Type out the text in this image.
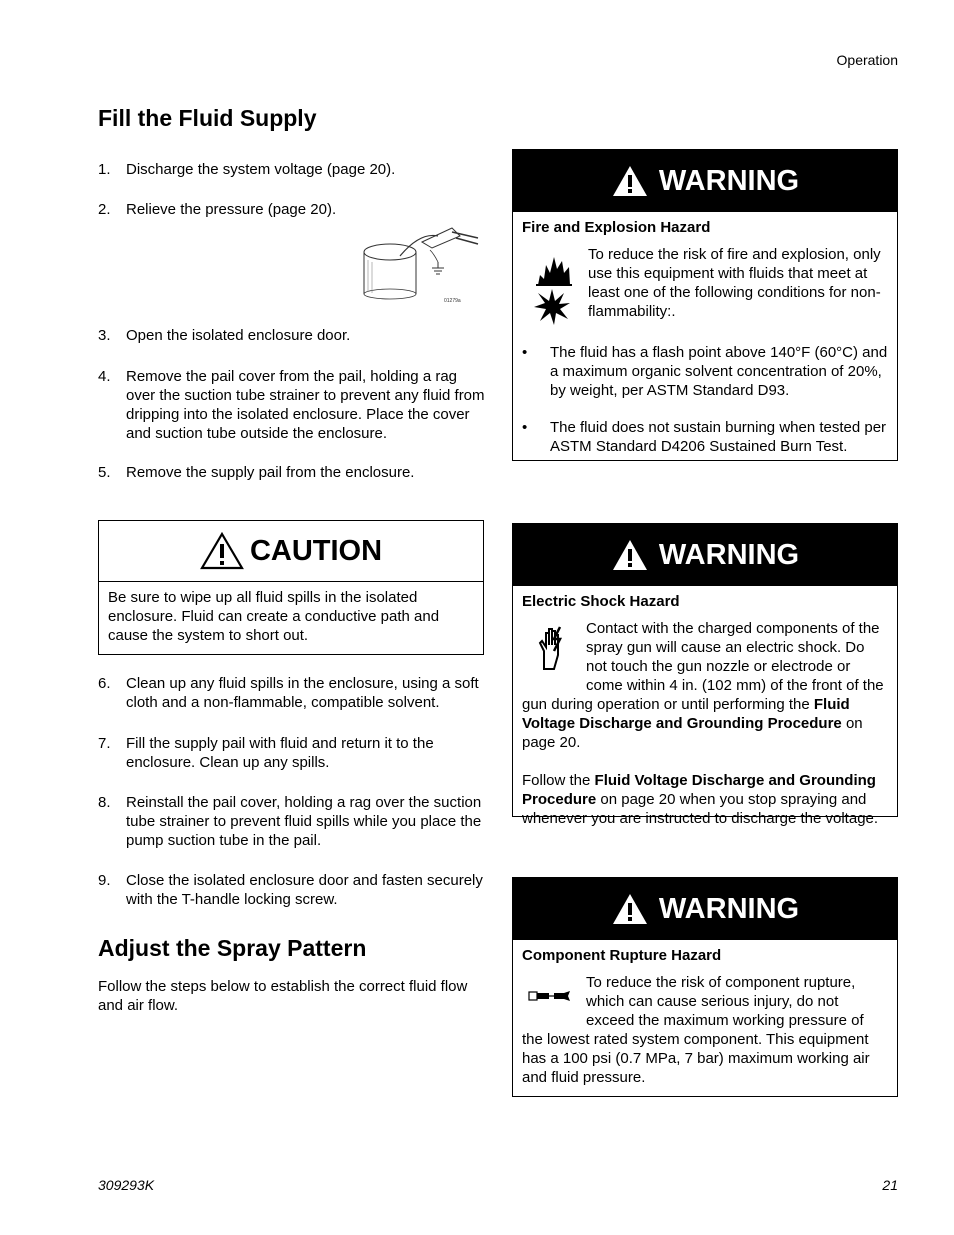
Operation
Fill the Fluid Supply
1. Discharge the system voltage (page 20).
2. Relieve the pressure (page 20).
01279a
3. Open the isolated enclosure door.
4. Remove the pail cover from the pail, holding a rag over the suction tube strainer to prevent any fluid from dripping into the isolated enclosure. Place the cover and suction tube outside the enclosure.
5. Remove the supply pail from the enclosure.
CAUTION
Be sure to wipe up all fluid spills in the isolated enclosure. Fluid can create a conductive path and cause the system to short out.
6. Clean up any fluid spills in the enclosure, using a soft cloth and a non-flammable, compatible solvent.
7. Fill the supply pail with fluid and return it to the enclosure. Clean up any spills.
8. Reinstall the pail cover, holding a rag over the suction tube strainer to prevent fluid spills while you place the pump suction tube in the pail.
9. Close the isolated enclosure door and fasten securely with the T-handle locking screw.
Adjust the Spray Pattern
Follow the steps below to establish the correct fluid flow and air flow.
WARNING
Fire and Explosion Hazard
To reduce the risk of fire and explosion, only use this equipment with fluids that meet at least one of the following conditions for non-flammability:.
• The fluid has a flash point above 140°F (60°C) and a maximum organic solvent concentration of 20%, by weight, per ASTM Standard D93.
• The fluid does not sustain burning when tested per ASTM Standard D4206 Sustained Burn Test.
WARNING
Electric Shock Hazard
Contact with the charged components of the spray gun will cause an electric shock. Do not touch the gun nozzle or electrode or come within 4 in. (102 mm) of the front of the gun during operation or until performing the Fluid Voltage Discharge and Grounding Procedure on page 20.
Follow the Fluid Voltage Discharge and Grounding Procedure on page 20 when you stop spraying and whenever you are instructed to discharge the voltage.
WARNING
Component Rupture Hazard
To reduce the risk of component rupture, which can cause serious injury, do not exceed the maximum working pressure of the lowest rated system component. This equipment has a 100 psi (0.7 MPa, 7 bar) maximum working air and fluid pressure.
309293K	21
